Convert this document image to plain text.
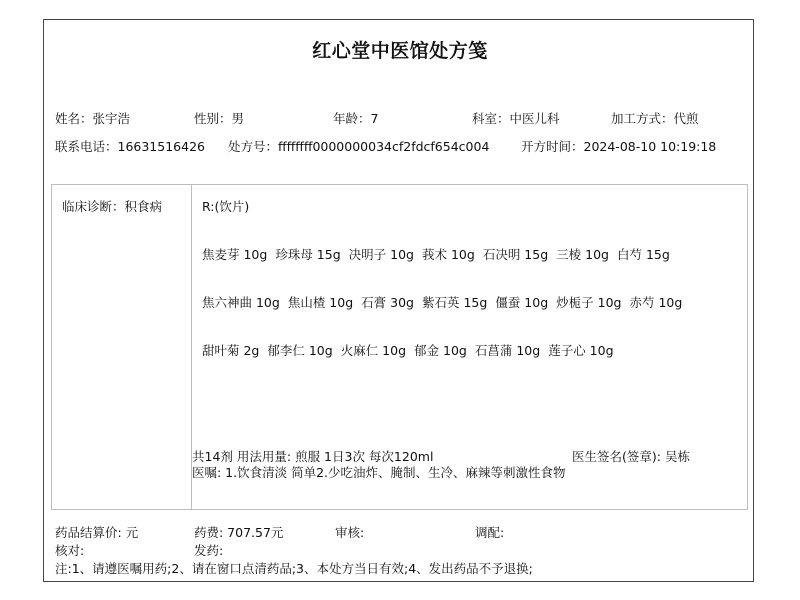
红心堂中医馆处方笺
姓名：张宇浩	性别：男	年龄：7	科室：中医儿科	加工方式：代煎
联系电话：16631516426 处方号：ffffffff0000000034cf2fdcf654c004	开方时间：2024-08-10 10:19:18
临床诊断：积食病	R:(饮片)
焦麦芽 10g 珍珠母 15g 决明子 10g 莪术 10g 石决明 15g 三棱 10g 白芍 15g
焦六神曲 10g 焦山楂 10g 石膏 30g 紫石英 15g 僵蚕 10g 炒栀子 10g 赤芍 10g
甜叶菊 2g 郁李仁 10g 火麻仁 10g 郁金 10g 石菖蒲 10g 莲子心 10g
共14剂 用法用量: 煎服 1日3次 每次120ml	医生签名(签章): 吴栋
医嘱: 1.饮食清淡 简单2.少吃油炸、腌制、生冷、麻辣等刺激性食物
药品结算价: 元	药费: 707.57元	审核:	调配:
核对:	发药:
注:1、请遵医嘱用药;2、请在窗口点清药品;3、本处方当日有效;4、发出药品不予退换;
